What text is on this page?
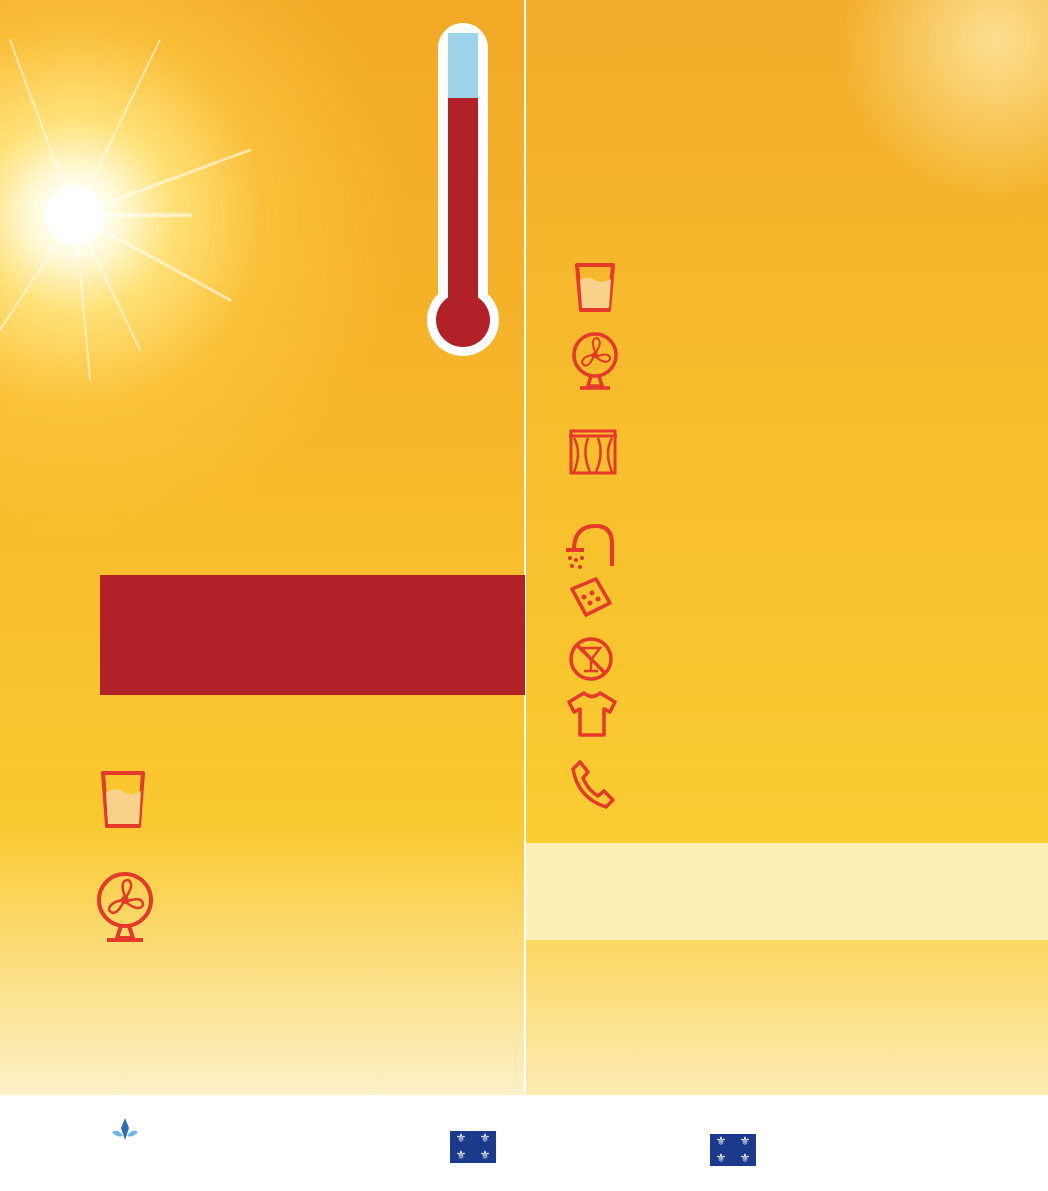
⚜	⚜
⚜	⚜
⚜	⚜
⚜	⚜
